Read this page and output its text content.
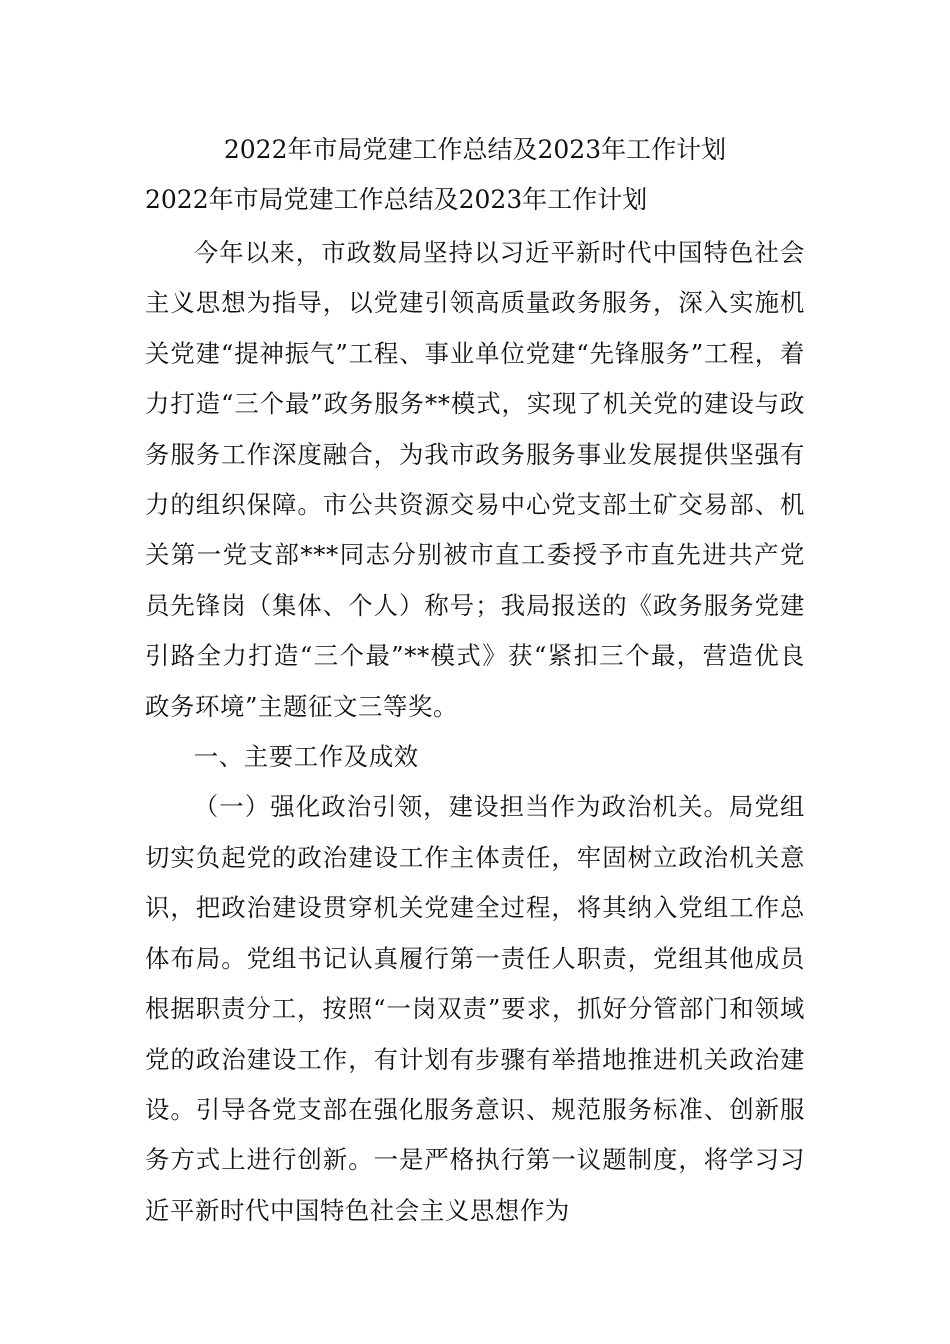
2022年市局党建工作总结及2023年工作计划
2022年市局党建工作总结及2023年工作计划

今年以来，市政数局坚持以习近平新时代中国特色社会主义思想为指导，以党建引领高质量政务服务，深入实施机关党建“提神振气”工程、事业单位党建“先锋服务”工程，着力打造“三个最”政务服务**模式，实现了机关党的建设与政务服务工作深度融合，为我市政务服务事业发展提供坚强有力的组织保障。市公共资源交易中心党支部土矿交易部、机关第一党支部***同志分别被市直工委授予市直先进共产党员先锋岗（集体、个人）称号；我局报送的《政务服务党建引路全力打造“三个最”**模式》获“紧扣三个最，营造优良政务环境”主题征文三等奖。

一、主要工作及成效

（一）强化政治引领，建设担当作为政治机关。局党组切实负起党的政治建设工作主体责任，牢固树立政治机关意识，把政治建设贯穿机关党建全过程，将其纳入党组工作总体布局。党组书记认真履行第一责任人职责，党组其他成员根据职责分工，按照“一岗双责”要求，抓好分管部门和领域党的政治建设工作，有计划有步骤有举措地推进机关政治建设。引导各党支部在强化服务意识、规范服务标准、创新服务方式上进行创新。一是严格执行第一议题制度，将学习习近平新时代中国特色社会主义思想作为
